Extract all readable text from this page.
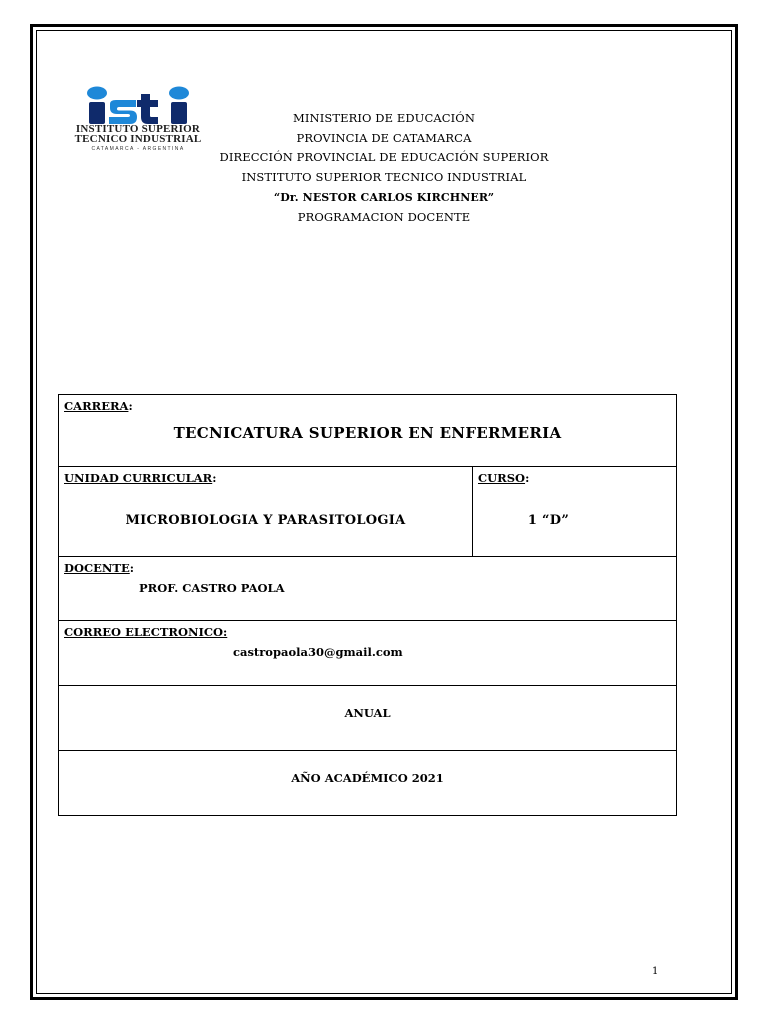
INSTITUTO SUPERIOR
TECNICO INDUSTRIAL
CATAMARCA - ARGENTINA
MINISTERIO DE EDUCACIÓN
PROVINCIA DE CATAMARCA
DIRECCIÓN PROVINCIAL DE EDUCACIÓN SUPERIOR
INSTITUTO SUPERIOR TECNICO INDUSTRIAL
“Dr. NESTOR CARLOS KIRCHNER”
PROGRAMACION DOCENTE
CARRERA:
TECNICATURA SUPERIOR EN ENFERMERIA

UNIDAD CURRICULAR:
MICROBIOLOGIA Y PARASITOLOGIA
	CURSO:
1 “D”

DOCENTE:
PROF. CASTRO PAOLA

CORREO ELECTRONICO:
castropaola30@gmail.com

ANUAL

AÑO ACADÉMICO 2021
1
